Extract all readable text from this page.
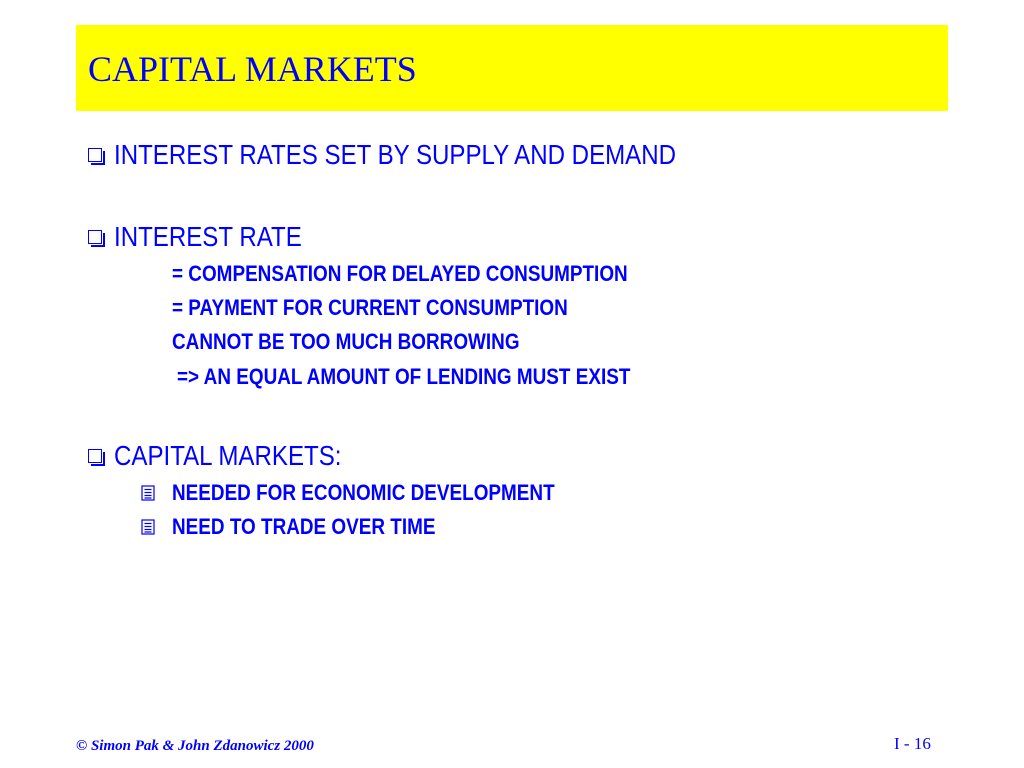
CAPITAL MARKETS
INTEREST RATES SET BY SUPPLY AND DEMAND
INTEREST RATE
= COMPENSATION FOR DELAYED CONSUMPTION
= PAYMENT FOR CURRENT CONSUMPTION
CANNOT BE TOO MUCH BORROWING
=> AN EQUAL AMOUNT OF LENDING MUST EXIST
CAPITAL MARKETS:
NEEDED FOR ECONOMIC DEVELOPMENT
NEED TO TRADE OVER TIME
© Simon Pak & John Zdanowicz 2000	I - 16
